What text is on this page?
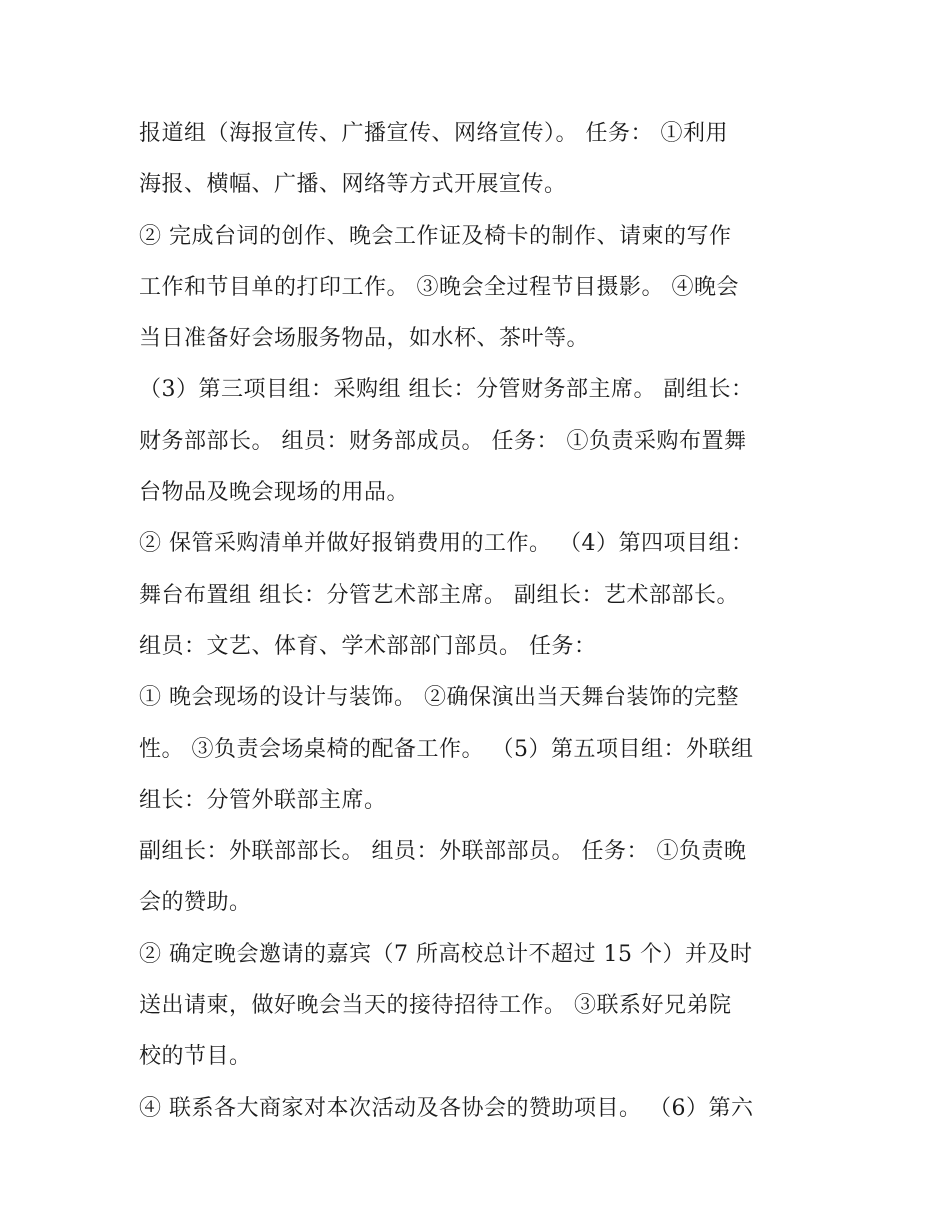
报道组（海报宣传、广播宣传、网络宣传）。 任务： ①利用
海报、横幅、广播、网络等方式开展宣传。
② 完成台词的创作、晚会工作证及椅卡的制作、请柬的写作
工作和节目单的打印工作。 ③晚会全过程节目摄影。 ④晚会
当日准备好会场服务物品，如水杯、茶叶等。
（3）第三项目组：采购组 组长：分管财务部主席。 副组长：
财务部部长。 组员：财务部成员。 任务： ①负责采购布置舞
台物品及晚会现场的用品。
② 保管采购清单并做好报销费用的工作。 （4）第四项目组：
舞台布置组 组长：分管艺术部主席。 副组长：艺术部部长。
组员：文艺、体育、学术部部门部员。 任务：
① 晚会现场的设计与装饰。 ②确保演出当天舞台装饰的完整
性。 ③负责会场桌椅的配备工作。 （5）第五项目组：外联组
组长：分管外联部主席。
副组长：外联部部长。 组员：外联部部员。 任务： ①负责晚
会的赞助。
② 确定晚会邀请的嘉宾（7 所高校总计不超过 15 个）并及时
送出请柬，做好晚会当天的接待招待工作。 ③联系好兄弟院
校的节目。
④ 联系各大商家对本次活动及各协会的赞助项目。 （6）第六
